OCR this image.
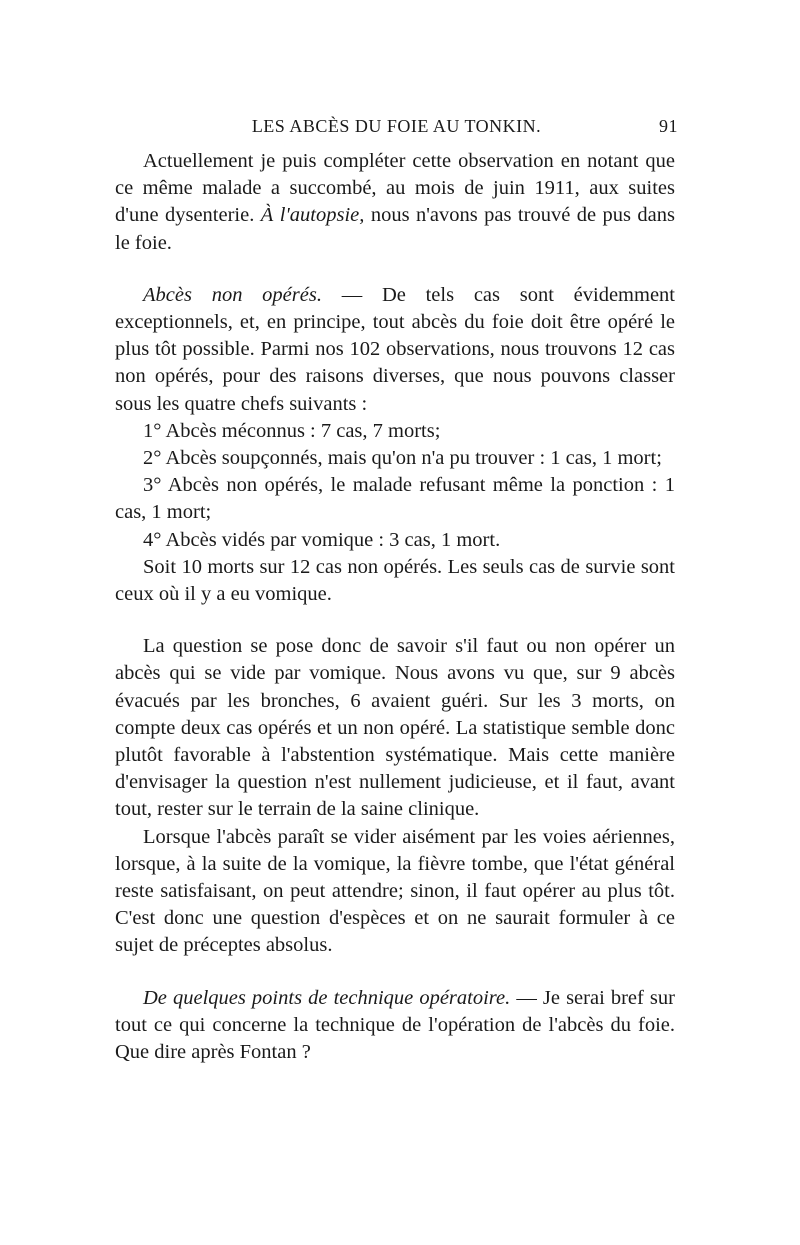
LES ABCÈS DU FOIE AU TONKIN.	91

Actuellement je puis compléter cette observation en notant que ce même malade a succombé, au mois de juin 1911, aux suites d'une dysenterie. À l'autopsie, nous n'avons pas trouvé de pus dans le foie.

Abcès non opérés. — De tels cas sont évidemment exceptionnels, et, en principe, tout abcès du foie doit être opéré le plus tôt possible. Parmi nos 102 observations, nous trouvons 12 cas non opérés, pour des raisons diverses, que nous pouvons classer sous les quatre chefs suivants :

1° Abcès méconnus : 7 cas, 7 morts;

2° Abcès soupçonnés, mais qu'on n'a pu trouver : 1 cas, 1 mort;

3° Abcès non opérés, le malade refusant même la ponction : 1 cas, 1 mort;

4° Abcès vidés par vomique : 3 cas, 1 mort.

Soit 10 morts sur 12 cas non opérés. Les seuls cas de survie sont ceux où il y a eu vomique.

La question se pose donc de savoir s'il faut ou non opérer un abcès qui se vide par vomique. Nous avons vu que, sur 9 abcès évacués par les bronches, 6 avaient guéri. Sur les 3 morts, on compte deux cas opérés et un non opéré. La statistique semble donc plutôt favorable à l'abstention systématique. Mais cette manière d'envisager la question n'est nullement judicieuse, et il faut, avant tout, rester sur le terrain de la saine clinique.

Lorsque l'abcès paraît se vider aisément par les voies aériennes, lorsque, à la suite de la vomique, la fièvre tombe, que l'état général reste satisfaisant, on peut attendre; sinon, il faut opérer au plus tôt. C'est donc une question d'espèces et on ne saurait formuler à ce sujet de préceptes absolus.

De quelques points de technique opératoire. — Je serai bref sur tout ce qui concerne la technique de l'opération de l'abcès du foie. Que dire après Fontan ?
